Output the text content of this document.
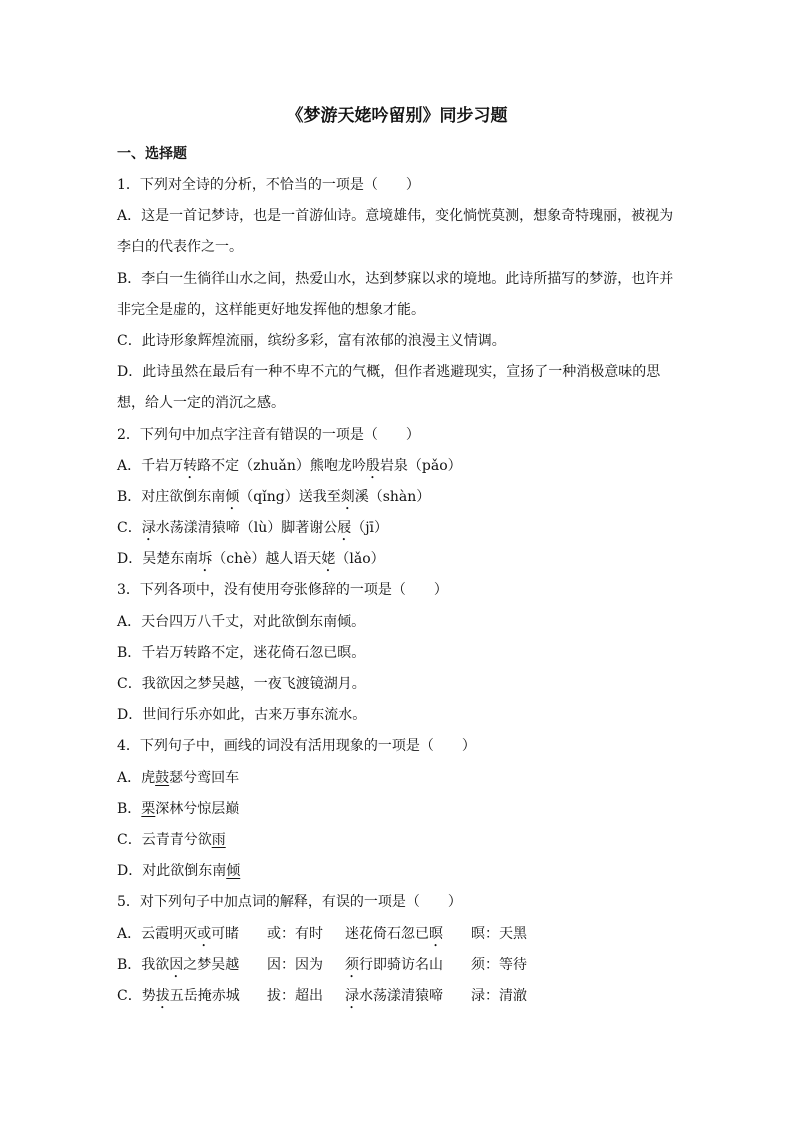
《梦游天姥吟留别》同步习题
一、选择题
1．下列对全诗的分析，不恰当的一项是（　　）
A．这是一首记梦诗，也是一首游仙诗。意境雄伟，变化惝恍莫测，想象奇特瑰丽，被视为
李白的代表作之一。
B．李白一生徜徉山水之间，热爱山水，达到梦寐以求的境地。此诗所描写的梦游，也许并
非完全是虚的，这样能更好地发挥他的想象才能。
C．此诗形象辉煌流丽，缤纷多彩，富有浓郁的浪漫主义情调。
D．此诗虽然在最后有一种不卑不亢的气概，但作者逃避现实，宣扬了一种消极意味的思
想，给人一定的消沉之感。
2．下列句中加点字注音有错误的一项是（　　）
A．千岩万转路不定（zhuǎn）熊咆龙吟殷岩泉（pǎo）
B．对庄欲倒东南倾（qǐng）送我至剡溪（shàn）
C．渌水荡漾清猿啼（lù）脚著谢公屐（jī）
D．吴楚东南坼（chè）越人语天姥（lǎo）
3．下列各项中，没有使用夸张修辞的一项是（　　）
A．天台四万八千丈，对此欲倒东南倾。
B．千岩万转路不定，迷花倚石忽已暝。
C．我欲因之梦吴越，一夜飞渡镜湖月。
D．世间行乐亦如此，古来万事东流水。
4．下列句子中，画线的词没有活用现象的一项是（　　）
A．虎鼓瑟兮鸾回车
B．栗深林兮惊层巅
C．云青青兮欲雨
D．对此欲倒东南倾
5．对下列句子中加点词的解释，有误的一项是（　　）
A．云霞明灭或可睹 或：有时 迷花倚石忽已暝 暝：天黑
B．我欲因之梦吴越 因：因为 须行即骑访名山 须：等待
C．势拔五岳掩赤城 拔：超出 渌水荡漾清猿啼 渌：清澈
